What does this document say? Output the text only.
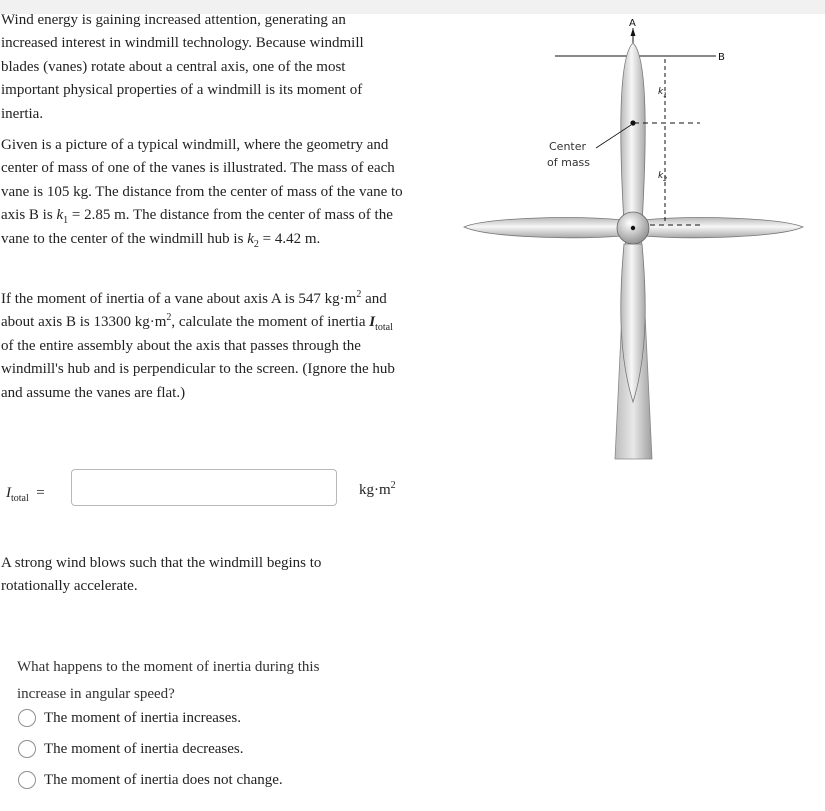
Wind energy is gaining increased attention, generating an increased interest in windmill technology. Because windmill blades (vanes) rotate about a central axis, one of the most important physical properties of a windmill is its moment of inertia.

Given is a picture of a typical windmill, where the geometry and center of mass of one of the vanes is illustrated. The mass of each vane is 105 kg. The distance from the center of mass of the vane to axis B is $k_1 = 2.85$ m. The distance from the center of mass of the vane to the center of the windmill hub is $k_2 = 4.42$ m.

If the moment of inertia of a vane about axis A is 547 $kg\cdot m^2$ and about axis B is 13300 $kg\cdot m^2$, calculate the moment of inertia $I_{total}$ of the entire assembly about the axis that passes through the windmill's hub and is perpendicular to the screen. (Ignore the hub and assume the vanes are flat.)

$I_{total}$ =	$kg\cdot m^2$

A strong wind blows such that the windmill begins to rotationally accelerate.

What happens to the moment of inertia during this increase in angular speed?

The moment of inertia increases.
The moment of inertia decreases.
The moment of inertia does not change.
A
B
$k_1$
$k_2$
Center
of mass
